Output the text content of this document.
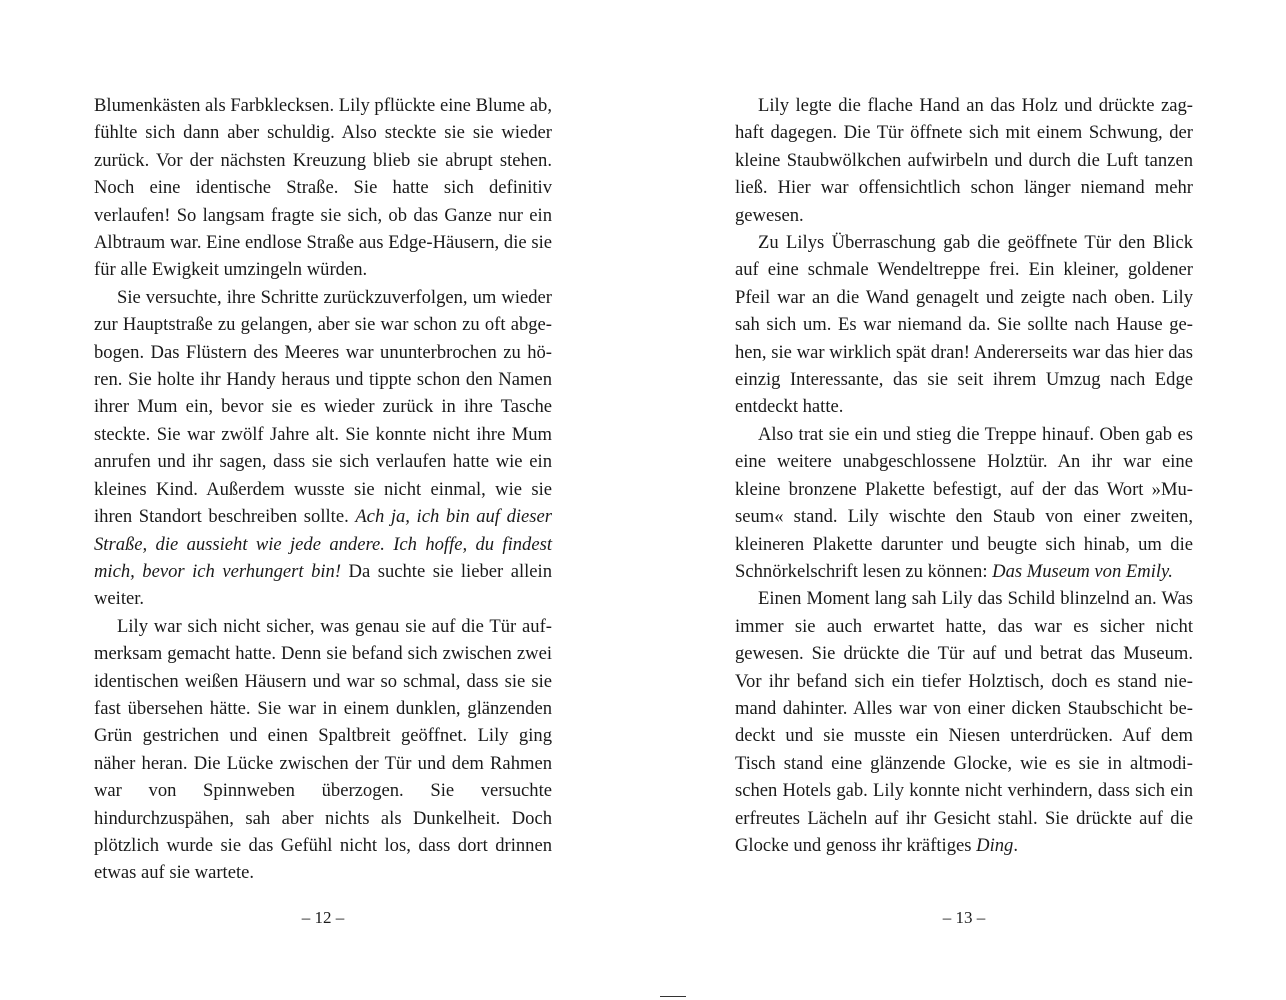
Blumenkästen als Farbklecksen. Lily pflückte eine Blume ab, fühlte sich dann aber schuldig. Also steckte sie sie wieder zurück. Vor der nächsten Kreuzung blieb sie abrupt stehen. Noch eine identische Straße. Sie hatte sich definitiv verlaufen! So langsam fragte sie sich, ob das Ganze nur ein Albtraum war. Eine endlose Straße aus Edge-Häusern, die sie für alle Ewigkeit umzingeln würden.

Sie versuchte, ihre Schritte zurückzuverfolgen, um wieder zur Hauptstraße zu gelangen, aber sie war schon zu oft abgebogen. Das Flüstern des Meeres war ununterbrochen zu hören. Sie holte ihr Handy heraus und tippte schon den Namen ihrer Mum ein, bevor sie es wieder zurück in ihre Tasche steckte. Sie war zwölf Jahre alt. Sie konnte nicht ihre Mum anrufen und ihr sagen, dass sie sich verlaufen hatte wie ein kleines Kind. Außerdem wusste sie nicht einmal, wie sie ihren Standort beschreiben sollte. Ach ja, ich bin auf dieser Straße, die aussieht wie jede andere. Ich hoffe, du findest mich, bevor ich verhungert bin! Da suchte sie lieber allein weiter.

Lily war sich nicht sicher, was genau sie auf die Tür aufmerksam gemacht hatte. Denn sie befand sich zwischen zwei identischen weißen Häusern und war so schmal, dass sie sie fast übersehen hätte. Sie war in einem dunklen, glänzenden Grün gestrichen und einen Spaltbreit geöffnet. Lily ging näher heran. Die Lücke zwischen der Tür und dem Rahmen war von Spinnweben überzogen. Sie versuchte hindurchzuspähen, sah aber nichts als Dunkelheit. Doch plötzlich wurde sie das Gefühl nicht los, dass dort drinnen etwas auf sie wartete.

– 12 –

Lily legte die flache Hand an das Holz und drückte zaghaft dagegen. Die Tür öffnete sich mit einem Schwung, der kleine Staubwölkchen aufwirbeln und durch die Luft tanzen ließ. Hier war offensichtlich schon länger niemand mehr gewesen.

Zu Lilys Überraschung gab die geöffnete Tür den Blick auf eine schmale Wendeltreppe frei. Ein kleiner, goldener Pfeil war an die Wand genagelt und zeigte nach oben. Lily sah sich um. Es war niemand da. Sie sollte nach Hause gehen, sie war wirklich spät dran! Andererseits war das hier das einzig Interessante, das sie seit ihrem Umzug nach Edge entdeckt hatte.

Also trat sie ein und stieg die Treppe hinauf. Oben gab es eine weitere unabgeschlossene Holztür. An ihr war eine kleine bronzene Plakette befestigt, auf der das Wort »Museum« stand. Lily wischte den Staub von einer zweiten, kleineren Plakette darunter und beugte sich hinab, um die Schnörkelschrift lesen zu können: Das Museum von Emily.

Einen Moment lang sah Lily das Schild blinzelnd an. Was immer sie auch erwartet hatte, das war es sicher nicht gewesen. Sie drückte die Tür auf und betrat das Museum. Vor ihr befand sich ein tiefer Holztisch, doch es stand niemand dahinter. Alles war von einer dicken Staubschicht bedeckt und sie musste ein Niesen unterdrücken. Auf dem Tisch stand eine glänzende Glocke, wie es sie in altmodischen Hotels gab. Lily konnte nicht verhindern, dass sich ein erfreutes Lächeln auf ihr Gesicht stahl. Sie drückte auf die Glocke und genoss ihr kräftiges Ding.

– 13 –
